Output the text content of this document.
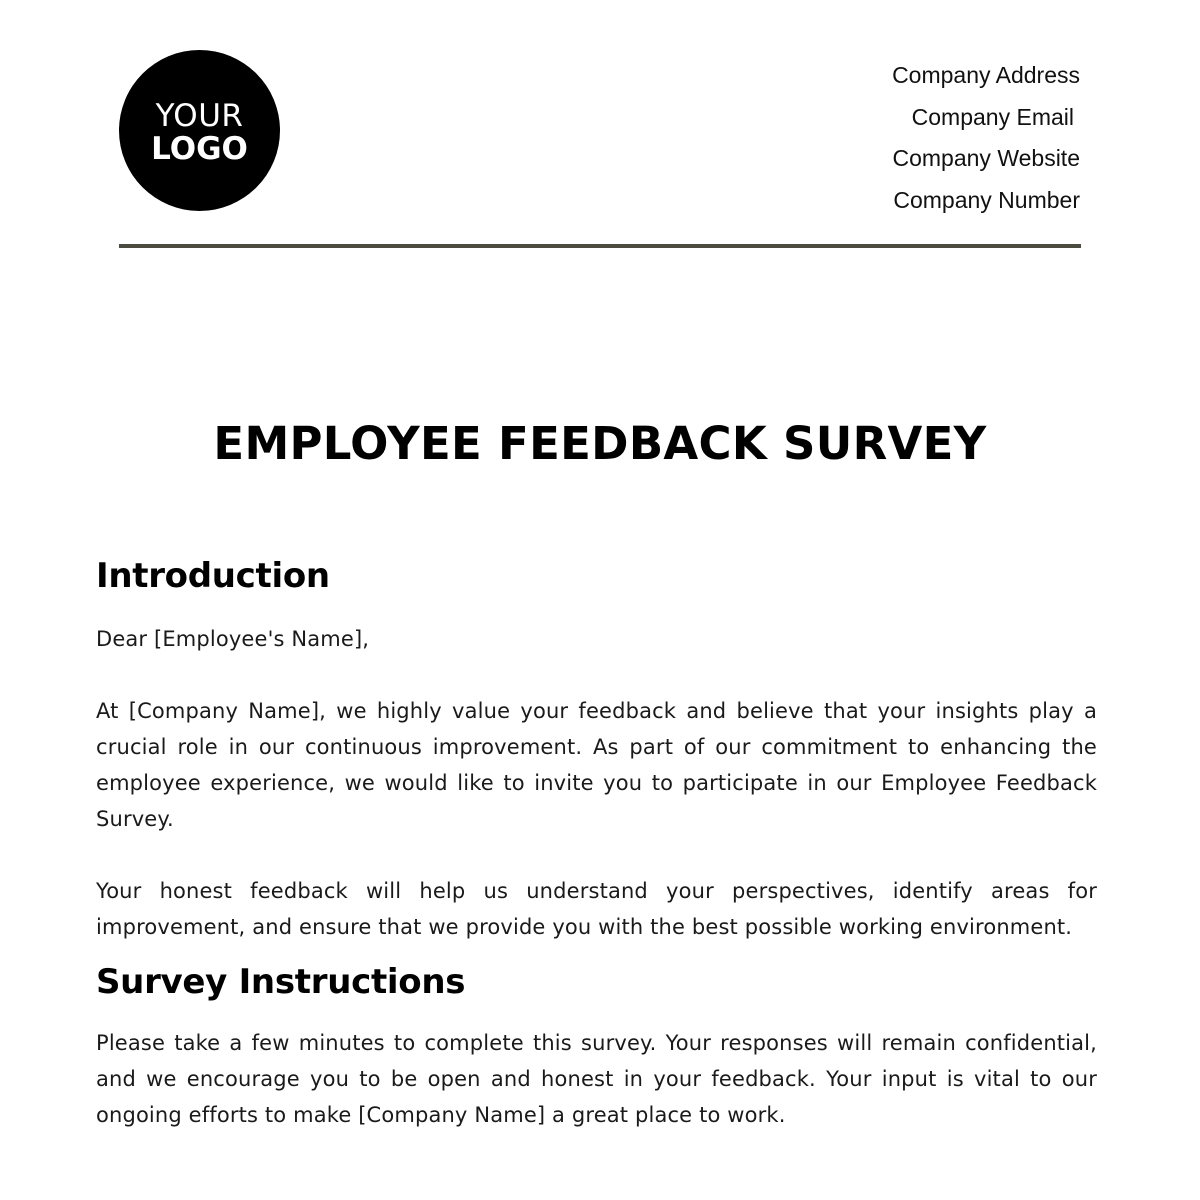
YOUR
LOGO
Company Address
Company Email
Company Website
Company Number
EMPLOYEE FEEDBACK SURVEY
Introduction

Dear [Employee's Name],

At [Company Name], we highly value your feedback and believe that your insights play a crucial role in our continuous improvement. As part of our commitment to enhancing the employee experience, we would like to invite you to participate in our Employee Feedback Survey.

Your honest feedback will help us understand your perspectives, identify areas for improvement, and ensure that we provide you with the best possible working environment.

Survey Instructions

Please take a few minutes to complete this survey. Your responses will remain confidential, and we encourage you to be open and honest in your feedback. Your input is vital to our ongoing efforts to make [Company Name] a great place to work.
